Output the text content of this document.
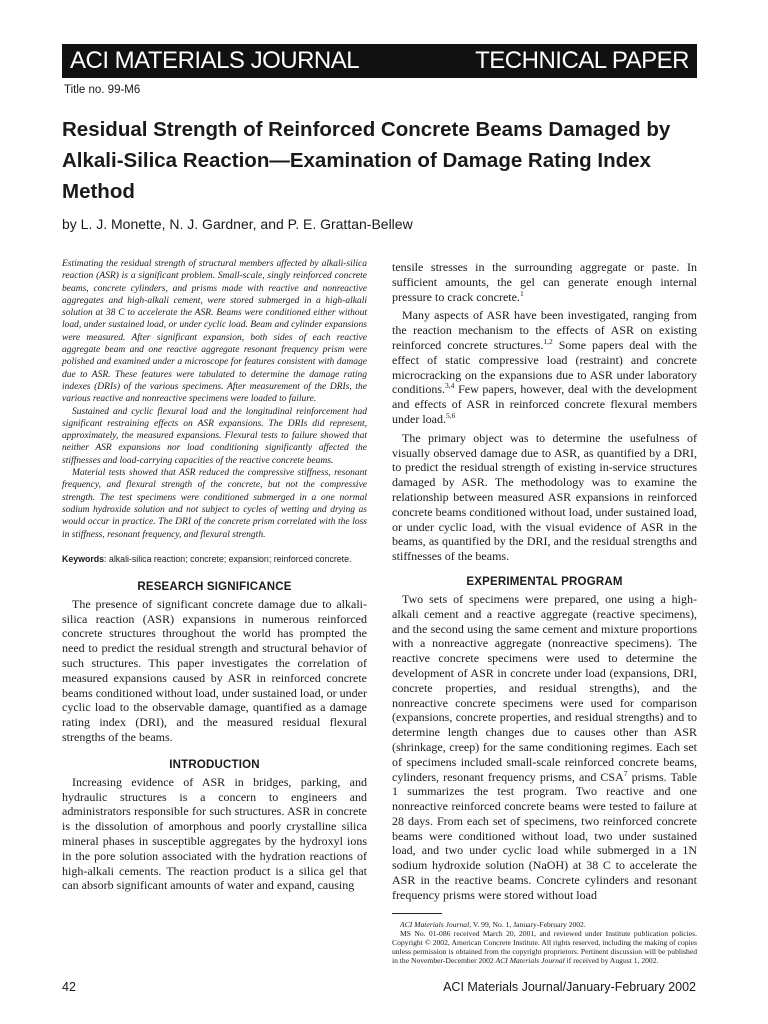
ACI MATERIALS JOURNAL	TECHNICAL PAPER
Title no. 99-M6
Residual Strength of Reinforced Concrete Beams Damaged by Alkali-Silica Reaction—Examination of Damage Rating Index Method
by L. J. Monette, N. J. Gardner, and P. E. Grattan-Bellew

Estimating the residual strength of structural members affected by alkali-silica reaction (ASR) is a significant problem. Small-scale, singly reinforced concrete beams, concrete cylinders, and prisms made with reactive and nonreactive aggregates and high-alkali cement, were stored submerged in a high-alkali solution at 38 C to accelerate the ASR. Beams were conditioned either without load, under sustained load, or under cyclic load. Beam and cylinder expansions were measured. After significant expansion, both sides of each reactive aggregate beam and one reactive aggregate resonant frequency prism were polished and examined under a microscope for features consistent with damage due to ASR. These features were tabulated to determine the damage rating indexes (DRIs) of the various specimens. After measurement of the DRIs, the various reactive and nonreactive specimens were loaded to failure.

Sustained and cyclic flexural load and the longitudinal reinforcement had significant restraining effects on ASR expansions. The DRIs did represent, approximately, the measured expansions. Flexural tests to failure showed that neither ASR expansions nor load conditioning significantly affected the stiffnesses and load-carrying capacities of the reactive concrete beams.

Material tests showed that ASR reduced the compressive stiffness, resonant frequency, and flexural strength of the concrete, but not the compressive strength. The test specimens were conditioned submerged in a one normal sodium hydroxide solution and not subject to cycles of wetting and drying as would occur in practice. The DRI of the concrete prism correlated with the loss in stiffness, resonant frequency, and flexural strength.

Keywords: alkali-silica reaction; concrete; expansion; reinforced concrete.
RESEARCH SIGNIFICANCE

The presence of significant concrete damage due to alkali-silica reaction (ASR) expansions in numerous reinforced concrete structures throughout the world has prompted the need to predict the residual strength and structural behavior of such structures. This paper investigates the correlation of measured expansions caused by ASR in reinforced concrete beams conditioned without load, under sustained load, or under cyclic load to the observable damage, quantified as a damage rating index (DRI), and the measured residual flexural strengths of the beams.

INTRODUCTION

Increasing evidence of ASR in bridges, parking, and hydraulic structures is a concern to engineers and administrators responsible for such structures. ASR in concrete is the dissolution of amorphous and poorly crystalline silica mineral phases in susceptible aggregates by the hydroxyl ions in the pore solution associated with the hydration reactions of high-alkali cements. The reaction product is a silica gel that can absorb significant amounts of water and expand, causing

tensile stresses in the surrounding aggregate or paste. In sufficient amounts, the gel can generate enough internal pressure to crack concrete.$^1$

Many aspects of ASR have been investigated, ranging from the reaction mechanism to the effects of ASR on existing reinforced concrete structures.$^{1,2}$ Some papers deal with the effect of static compressive load (restraint) and concrete microcracking on the expansions due to ASR under laboratory conditions.$^{3,4}$ Few papers, however, deal with the development and effects of ASR in reinforced concrete flexural members under load.$^{5,6}$

The primary object was to determine the usefulness of visually observed damage due to ASR, as quantified by a DRI, to predict the residual strength of existing in-service structures damaged by ASR. The methodology was to examine the relationship between measured ASR expansions in reinforced concrete beams conditioned without load, under sustained load, or under cyclic load, with the visual evidence of ASR in the beams, as quantified by the DRI, and the residual strengths and stiffnesses of the beams.

EXPERIMENTAL PROGRAM

Two sets of specimens were prepared, one using a high-alkali cement and a reactive aggregate (reactive specimens), and the second using the same cement and mixture proportions with a nonreactive aggregate (nonreactive specimens). The reactive concrete specimens were used to determine the development of ASR in concrete under load (expansions, DRI, concrete properties, and residual strengths), and the nonreactive concrete specimens were used for comparison (expansions, concrete properties, and residual strengths) and to determine length changes due to causes other than ASR (shrinkage, creep) for the same conditioning regimes. Each set of specimens included small-scale reinforced concrete beams, cylinders, resonant frequency prisms, and CSA$^7$ prisms. Table 1 summarizes the test program. Two reactive and one nonreactive reinforced concrete beams were tested to failure at 28 days. From each set of specimens, two reinforced concrete beams were conditioned without load, two under sustained load, and two under cyclic load while submerged in a 1N sodium hydroxide solution (NaOH) at 38 C to accelerate the ASR in the reactive beams. Concrete cylinders and resonant frequency prisms were stored without load

ACI Materials Journal, V. 99, No. 1, January-February 2002.

MS No. 01-086 received March 20, 2001, and reviewed under Institute publication policies. Copyright © 2002, American Concrete Institute. All rights reserved, including the making of copies unless permission is obtained from the copyright proprietors. Pertinent discussion will be published in the November-December 2002 ACI Materials Journal if received by August 1, 2002.

42	ACI Materials Journal/January-February 2002
